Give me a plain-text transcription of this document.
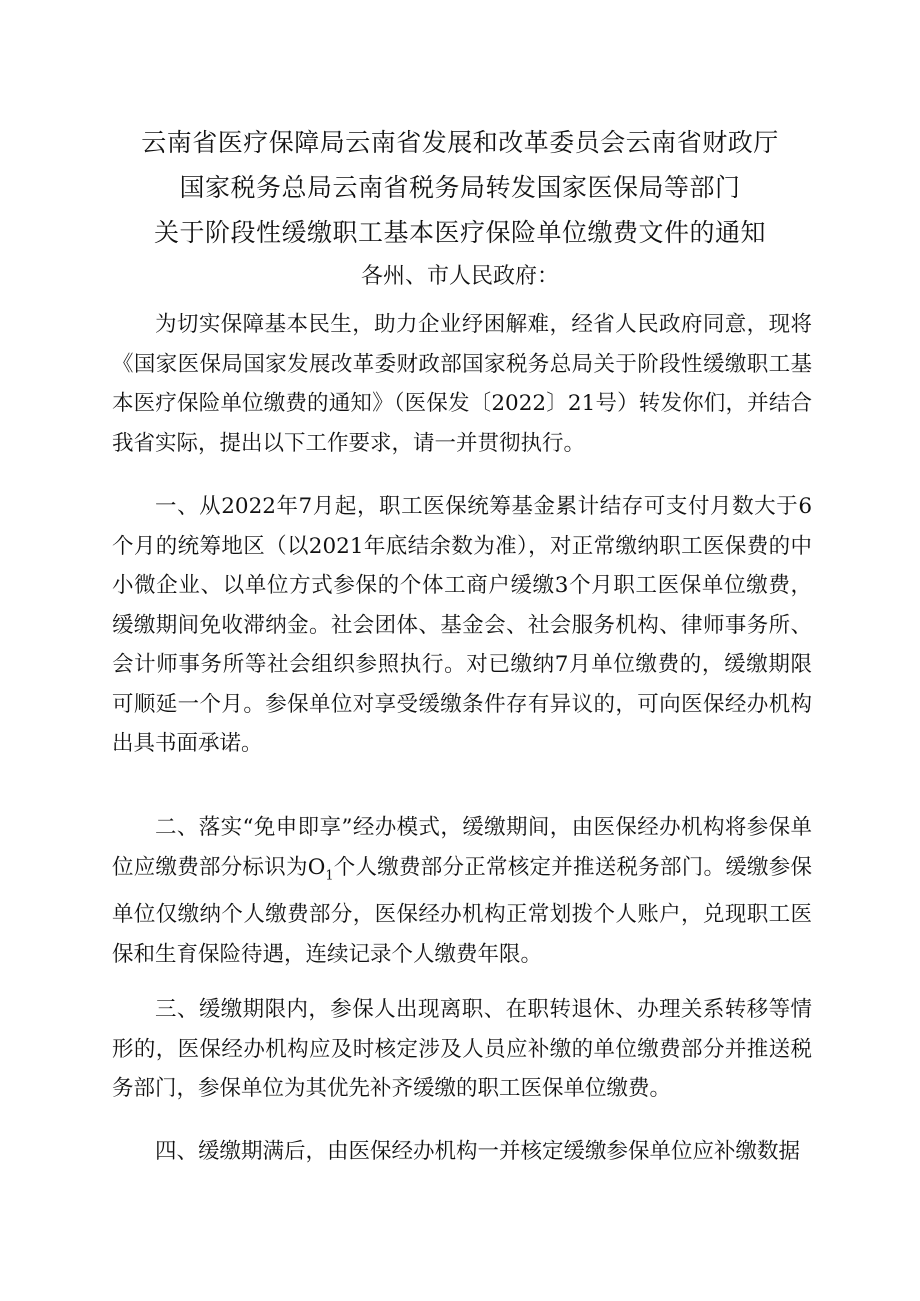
云南省医疗保障局云南省发展和改革委员会云南省财政厅
国家税务总局云南省税务局转发国家医保局等部门
关于阶段性缓缴职工基本医疗保险单位缴费文件的通知
各州、市人民政府：
为切实保障基本民生，助力企业纾困解难，经省人民政府同意，现将《国家医保局国家发展改革委财政部国家税务总局关于阶段性缓缴职工基本医疗保险单位缴费的通知》（医保发〔2022〕21号）转发你们，并结合我省实际，提出以下工作要求，请一并贯彻执行。
一、从2022年7月起，职工医保统筹基金累计结存可支付月数大于6个月的统筹地区（以2021年底结余数为准），对正常缴纳职工医保费的中小微企业、以单位方式参保的个体工商户缓缴3个月职工医保单位缴费，缓缴期间免收滞纳金。社会团体、基金会、社会服务机构、律师事务所、会计师事务所等社会组织参照执行。对已缴纳7月单位缴费的，缓缴期限可顺延一个月。参保单位对享受缓缴条件存有异议的，可向医保经办机构出具书面承诺。
二、落实“免申即享”经办模式，缓缴期间，由医保经办机构将参保单位应缴费部分标识为$O_1$个人缴费部分正常核定并推送税务部门。缓缴参保单位仅缴纳个人缴费部分，医保经办机构正常划拨个人账户，兑现职工医保和生育保险待遇，连续记录个人缴费年限。
三、缓缴期限内，参保人出现离职、在职转退休、办理关系转移等情形的，医保经办机构应及时核定涉及人员应补缴的单位缴费部分并推送税务部门，参保单位为其优先补齐缓缴的职工医保单位缴费。
四、缓缴期满后，由医保经办机构一并核定缓缴参保单位应补缴数据
